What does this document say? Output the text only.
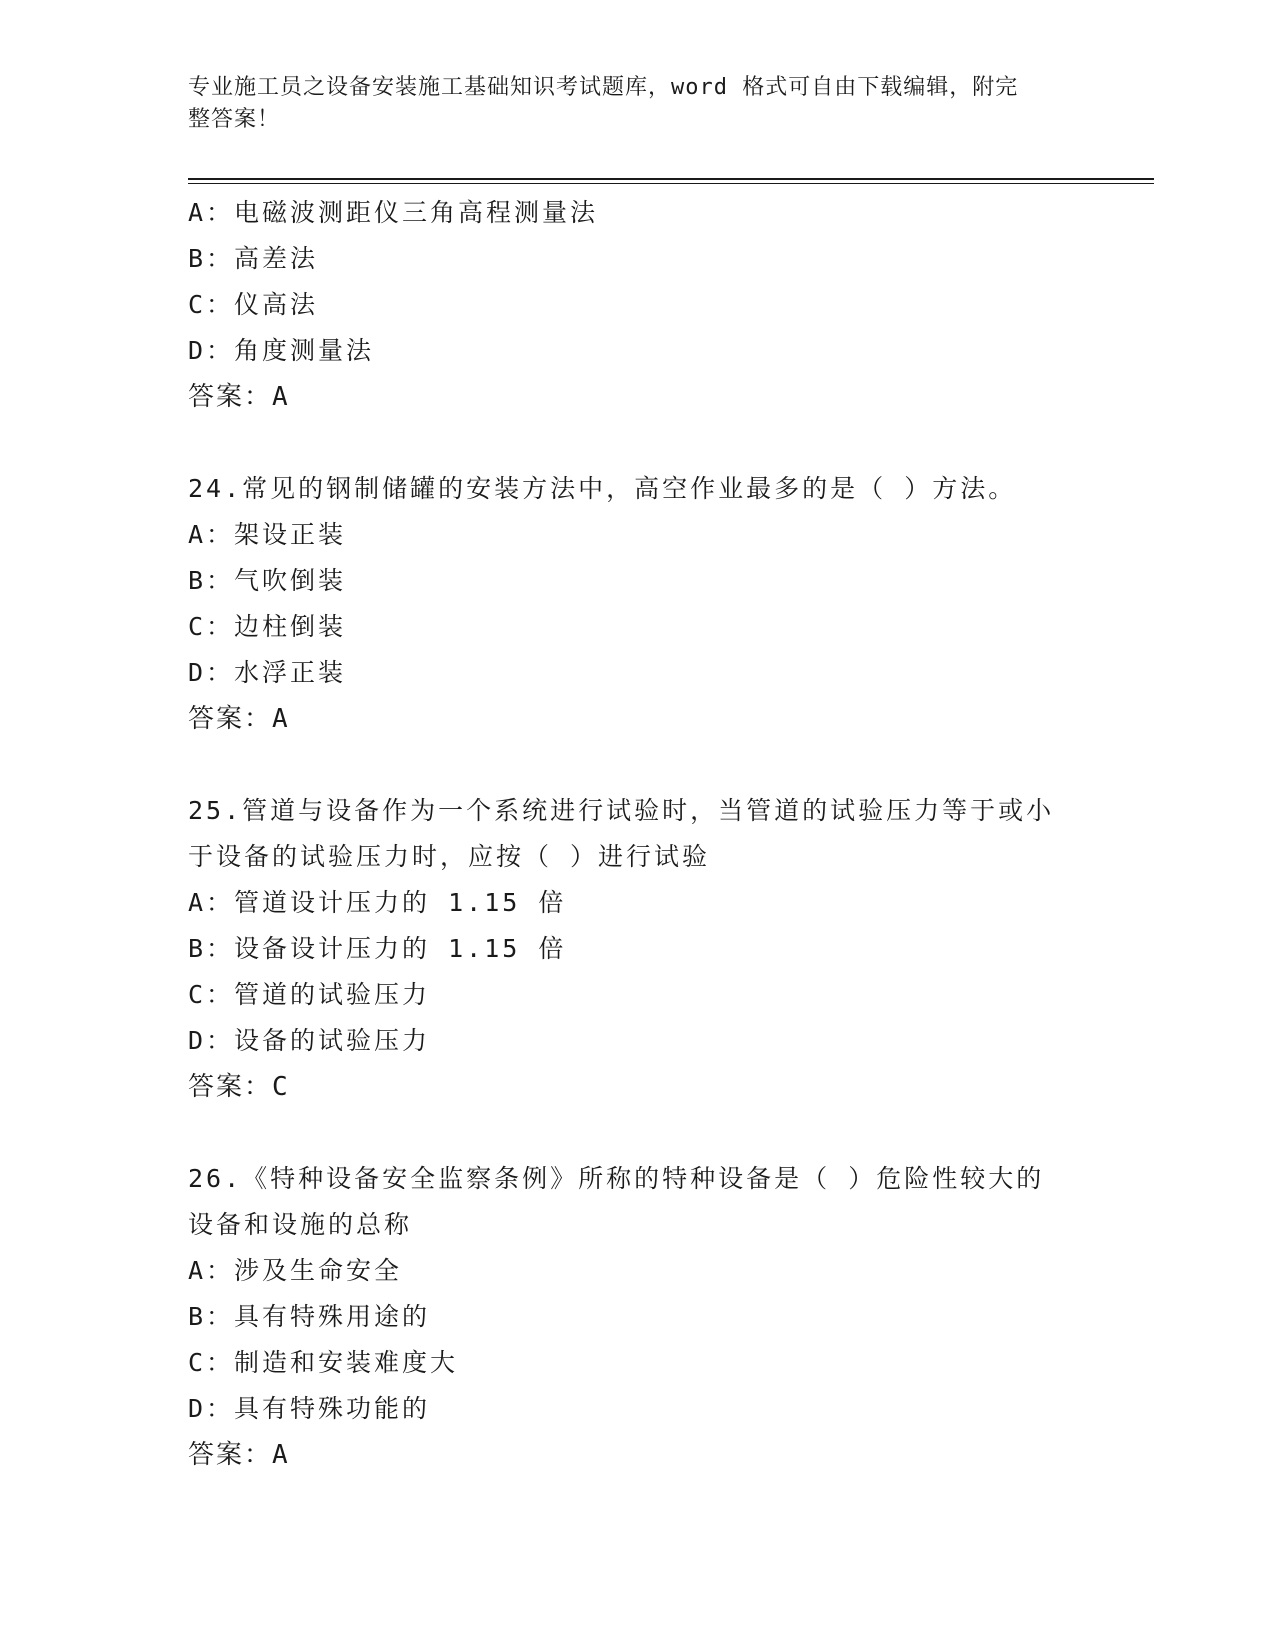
专业施工员之设备安装施工基础知识考试题库，word 格式可自由下载编辑，附完
整答案！
A：电磁波测距仪三角高程测量法
B：高差法
C：仪高法
D：角度测量法
答案：A
24.常见的钢制储罐的安装方法中，高空作业最多的是（ ）方法。
A：架设正装
B：气吹倒装
C：边柱倒装
D：水浮正装
答案：A
25.管道与设备作为一个系统进行试验时，当管道的试验压力等于或小
于设备的试验压力时，应按（ ）进行试验
A：管道设计压力的 1.15 倍
B：设备设计压力的 1.15 倍
C：管道的试验压力
D：设备的试验压力
答案：C
26.《特种设备安全监察条例》所称的特种设备是（ ）危险性较大的
设备和设施的总称
A：涉及生命安全
B：具有特殊用途的
C：制造和安装难度大
D：具有特殊功能的
答案：A
